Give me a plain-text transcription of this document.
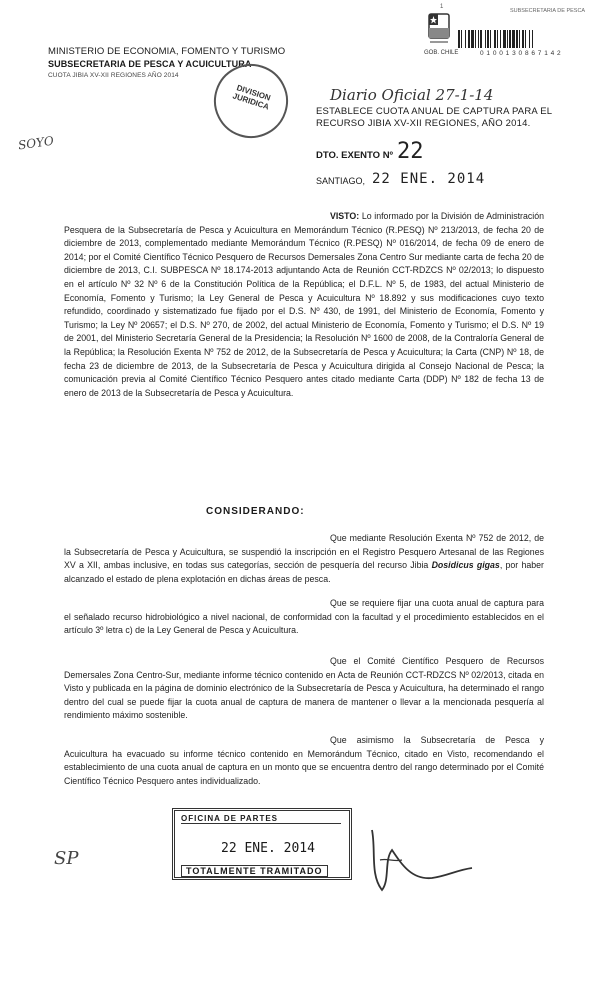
1
SUBSECRETARIA DE PESCA
MINISTERIO DE ECONOMIA, FOMENTO Y TURISMO
SUBSECRETARIA DE PESCA Y ACUICULTURA
CUOTA JIBIA XV-XII REGIONES AÑO 2014
DIVISION JURIDICA
GOB. CHILE	0 1 0 0 1 3 0 8 6 7 1 4 2
Diario Oficial 27-1-14
SOYO
ESTABLECE CUOTA ANUAL DE CAPTURA PARA EL RECURSO JIBIA XV-XII REGIONES, AÑO 2014.
DTO. EXENTO Nº 22
SANTIAGO, 22 ENE. 2014
VISTO: Lo informado por la División de Administración Pesquera de la Subsecretaría de Pesca y Acuicultura en Memorándum Técnico (R.PESQ) Nº 213/2013, de fecha 20 de diciembre de 2013, complementado mediante Memorándum Técnico (R.PESQ) Nº 016/2014, de fecha 09 de enero de 2014; por el Comité Científico Técnico Pesquero de Recursos Demersales Zona Centro Sur mediante carta de fecha 20 de diciembre de 2013, C.I. SUBPESCA Nº 18.174-2013 adjuntando Acta de Reunión CCT-RDZCS Nº 02/2013; lo dispuesto en el artículo Nº 32 Nº 6 de la Constitución Política de la República; el D.F.L. Nº 5, de 1983, del actual Ministerio de Economía, Fomento y Turismo; la Ley General de Pesca y Acuicultura Nº 18.892 y sus modificaciones cuyo texto refundido, coordinado y sistematizado fue fijado por el D.S. Nº 430, de 1991, del Ministerio de Economía, Fomento y Turismo; la Ley Nº 20657; el D.S. Nº 270, de 2002, del actual Ministerio de Economía, Fomento y Turismo; el D.S. Nº 19 de 2001, del Ministerio Secretaría General de la Presidencia; la Resolución Nº 1600 de 2008, de la Contraloría General de la República; la Resolución Exenta Nº 752 de 2012, de la Subsecretaría de Pesca y Acuicultura; la Carta (CNP) Nº 18, de fecha 23 de diciembre de 2013, de la Subsecretaría de Pesca y Acuicultura dirigida al Consejo Nacional de Pesca; la comunicación previa al Comité Científico Técnico Pesquero antes citado mediante Carta (DDP) Nº 182 de fecha 13 de enero de 2013 de la Subsecretaría de Pesca y Acuicultura.
CONSIDERANDO:
Que mediante Resolución Exenta Nº 752 de 2012, de la Subsecretaría de Pesca y Acuicultura, se suspendió la inscripción en el Registro Pesquero Artesanal de las Regiones XV a XII, ambas inclusive, en todas sus categorías, sección de pesquería del recurso Jibia Dosidicus gigas, por haber alcanzado el estado de plena explotación en dichas áreas de pesca.
Que se requiere fijar una cuota anual de captura para el señalado recurso hidrobiológico a nivel nacional, de conformidad con la facultad y el procedimiento establecidos en el artículo 3º letra c) de la Ley General de Pesca y Acuicultura.
Que el Comité Científico Pesquero de Recursos Demersales Zona Centro-Sur, mediante informe técnico contenido en Acta de Reunión CCT-RDZCS Nº 02/2013, citada en Visto y publicada en la página de dominio electrónico de la Subsecretaría de Pesca y Acuicultura, ha determinado el rango dentro del cual se puede fijar la cuota anual de captura de manera de mantener o llevar a la mencionada pesquería al rendimiento máximo sostenible.
Que asimismo la Subsecretaría de Pesca y Acuicultura ha evacuado su informe técnico contenido en Memorándum Técnico, citado en Visto, recomendando el establecimiento de una cuota anual de captura en un monto que se encuentra dentro del rango determinado por el Comité Científico Técnico Pesquero antes individualizado.
OFICINA DE PARTES
22 ENE. 2014
TOTALMENTE TRAMITADO
SP
